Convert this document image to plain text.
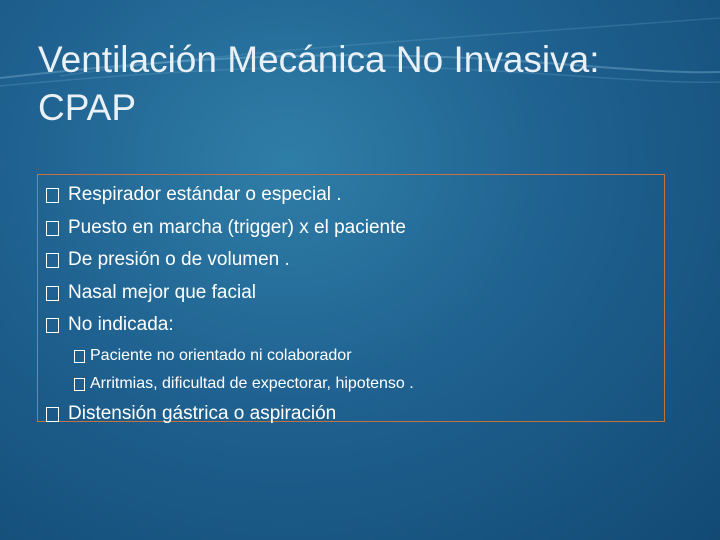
Ventilación Mecánica No Invasiva: CPAP
Respirador estándar o especial .
Puesto en marcha (trigger) x el paciente
De presión o de volumen .
Nasal mejor que facial
No indicada:
Paciente no orientado ni colaborador
Arritmias, dificultad de expectorar, hipotenso .
Distensión gástrica o aspiración
